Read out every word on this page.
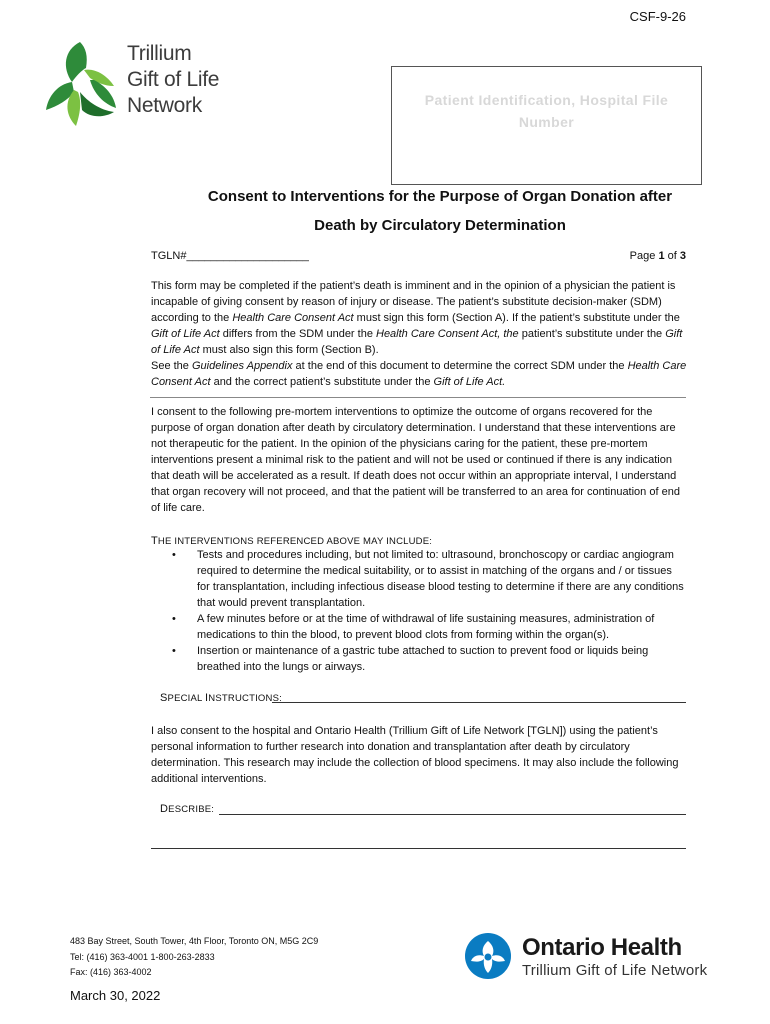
CSF-9-26
Trillium
Gift of Life
Network	Patient Identification, Hospital File
Number
Consent to Interventions for the Purpose of Organ Donation after
Death by Circulatory Determination
TGLN#____________________	Page 1 of 3
This form may be completed if the patient’s death is imminent and in the opinion of a physician the patient is incapable of giving consent by reason of injury or disease. The patient’s substitute decision-maker (SDM) according to the Health Care Consent Act must sign this form (Section A). If the patient’s substitute under the Gift of Life Act differs from the SDM under the Health Care Consent Act, the patient’s substitute under the Gift of Life Act must also sign this form (Section B).
See the Guidelines Appendix at the end of this document to determine the correct SDM under the Health Care Consent Act and the correct patient’s substitute under the Gift of Life Act.
I consent to the following pre-mortem interventions to optimize the outcome of organs recovered for the purpose of organ donation after death by circulatory determination. I understand that these interventions are not therapeutic for the patient. In the opinion of the physicians caring for the patient, these pre-mortem interventions present a minimal risk to the patient and will not be used or continued if there is any indication that death will be accelerated as a result. If death does not occur within an appropriate interval, I understand that organ recovery will not proceed, and that the patient will be transferred to an area for continuation of end of life care.
THE INTERVENTIONS REFERENCED ABOVE MAY INCLUDE:
• Tests and procedures including, but not limited to: ultrasound, bronchoscopy or cardiac angiogram required to determine the medical suitability, or to assist in matching of the organs and / or tissues for transplantation, including infectious disease blood testing to determine if there are any conditions that would prevent transplantation.
• A few minutes before or at the time of withdrawal of life sustaining measures, administration of medications to thin the blood, to prevent blood clots from forming within the organ(s).
• Insertion or maintenance of a gastric tube attached to suction to prevent food or liquids being breathed into the lungs or airways.
SPECIAL INSTRUCTIONS:
I also consent to the hospital and Ontario Health (Trillium Gift of Life Network [TGLN]) using the patient’s personal information to further research into donation and transplantation after death by circulatory determination. This research may include the collection of blood specimens. It may also include the following additional interventions.
DESCRIBE:
483 Bay Street, South Tower, 4th Floor, Toronto ON, M5G 2C9
Tel: (416) 363-4001 1-800-263-2833
Fax: (416) 363-4002
March 30, 2022
Ontario Health
Trillium Gift of Life Network
